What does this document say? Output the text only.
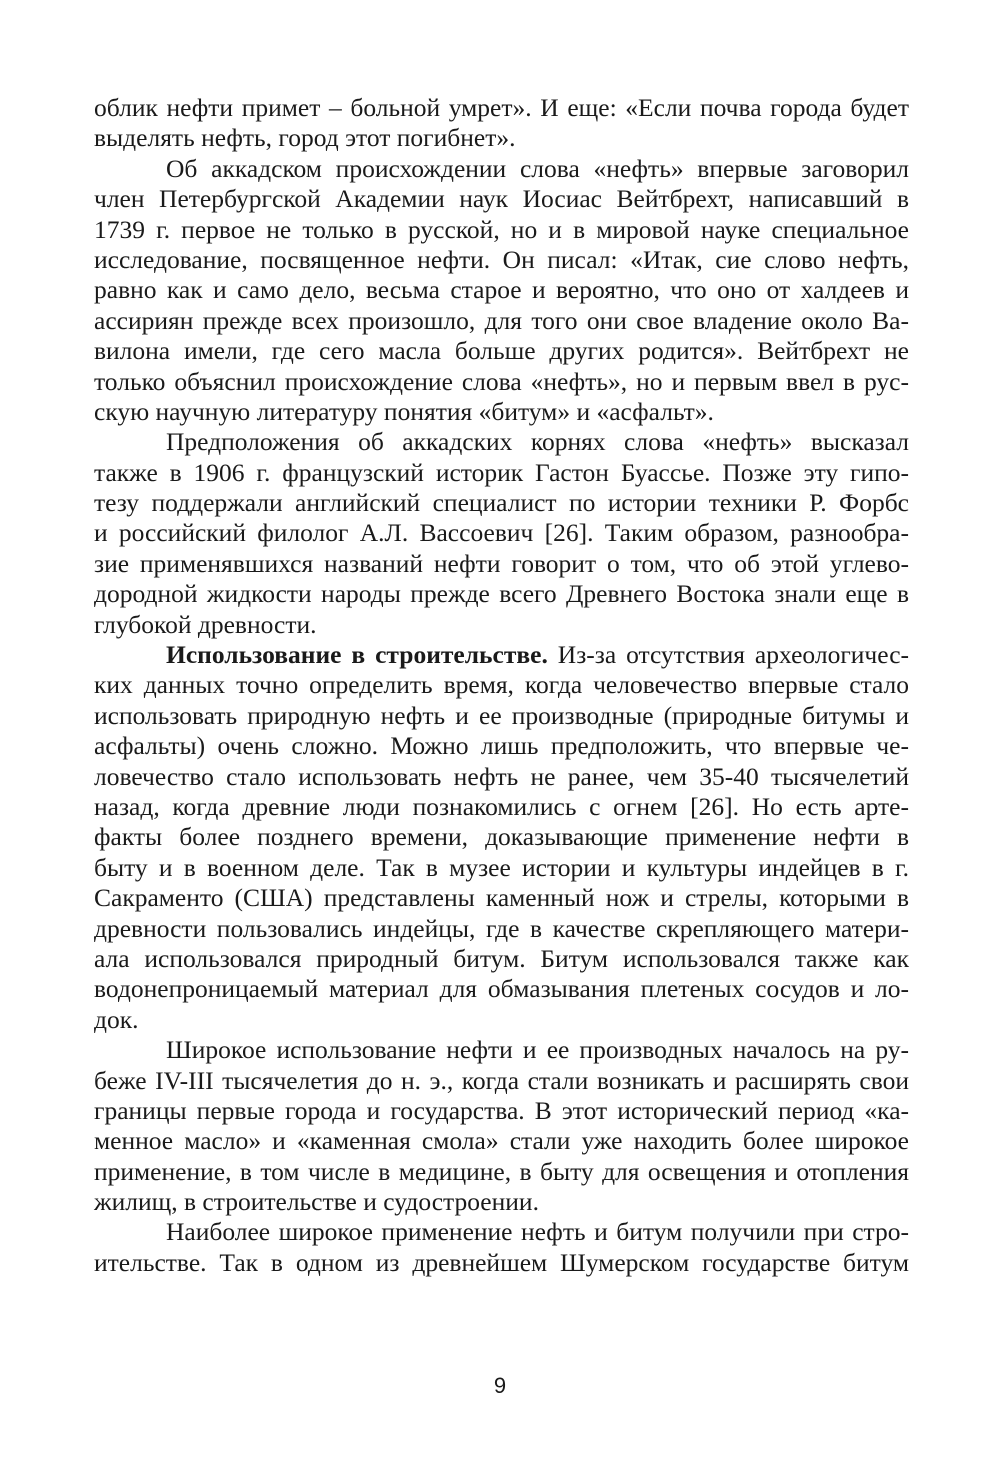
облик нефти примет – больной умрет». И еще: «Если почва города будет
выделять нефть, город этот погибнет».
Об аккадском происхождении слова «нефть» впервые заговорил
член Петербургской Академии наук Иосиас Вейтбрехт, написавший в
1739 г. первое не только в русской, но и в мировой науке специальное
исследование, посвященное нефти. Он писал: «Итак, сие слово нефть,
равно как и само дело, весьма старое и вероятно, что оно от халдеев и
ассириян прежде всех произошло, для того они свое владение около Ва-
вилона имели, где сего масла больше других родится». Вейтбрехт не
только объяснил происхождение слова «нефть», но и первым ввел в рус-
скую научную литературу понятия «битум» и «асфальт».
Предположения об аккадских корнях слова «нефть» высказал
также в 1906 г. французский историк Гастон Буассье. Позже эту гипо-
тезу поддержали английский специалист по истории техники Р. Форбс
и российский филолог А.Л. Вассоевич [26]. Таким образом, разнообра-
зие применявшихся названий нефти говорит о том, что об этой углево-
дородной жидкости народы прежде всего Древнего Востока знали еще в
глубокой древности.
Использование в строительстве. Из-за отсутствия археологичес-
ких данных точно определить время, когда человечество впервые стало
использовать природную нефть и ее производные (природные битумы и
асфальты) очень сложно. Можно лишь предположить, что впервые че-
ловечество стало использовать нефть не ранее, чем 35-40 тысячелетий
назад, когда древние люди познакомились с огнем [26]. Но есть арте-
факты более позднего времени, доказывающие применение нефти в
быту и в военном деле. Так в музее истории и культуры индейцев в г.
Сакраменто (США) представлены каменный нож и стрелы, которыми в
древности пользовались индейцы, где в качестве скрепляющего матери-
ала использовался природный битум. Битум использовался также как
водонепроницаемый материал для обмазывания плетеных сосудов и ло-
док.
Широкое использование нефти и ее производных началось на ру-
беже IV-III тысячелетия до н. э., когда стали возникать и расширять свои
границы первые города и государства. В этот исторический период «ка-
менное масло» и «каменная смола» стали уже находить более широкое
применение, в том числе в медицине, в быту для освещения и отопления
жилищ, в строительстве и судостроении.
Наиболее широкое применение нефть и битум получили при стро-
ительстве. Так в одном из древнейшем Шумерском государстве битум
9
